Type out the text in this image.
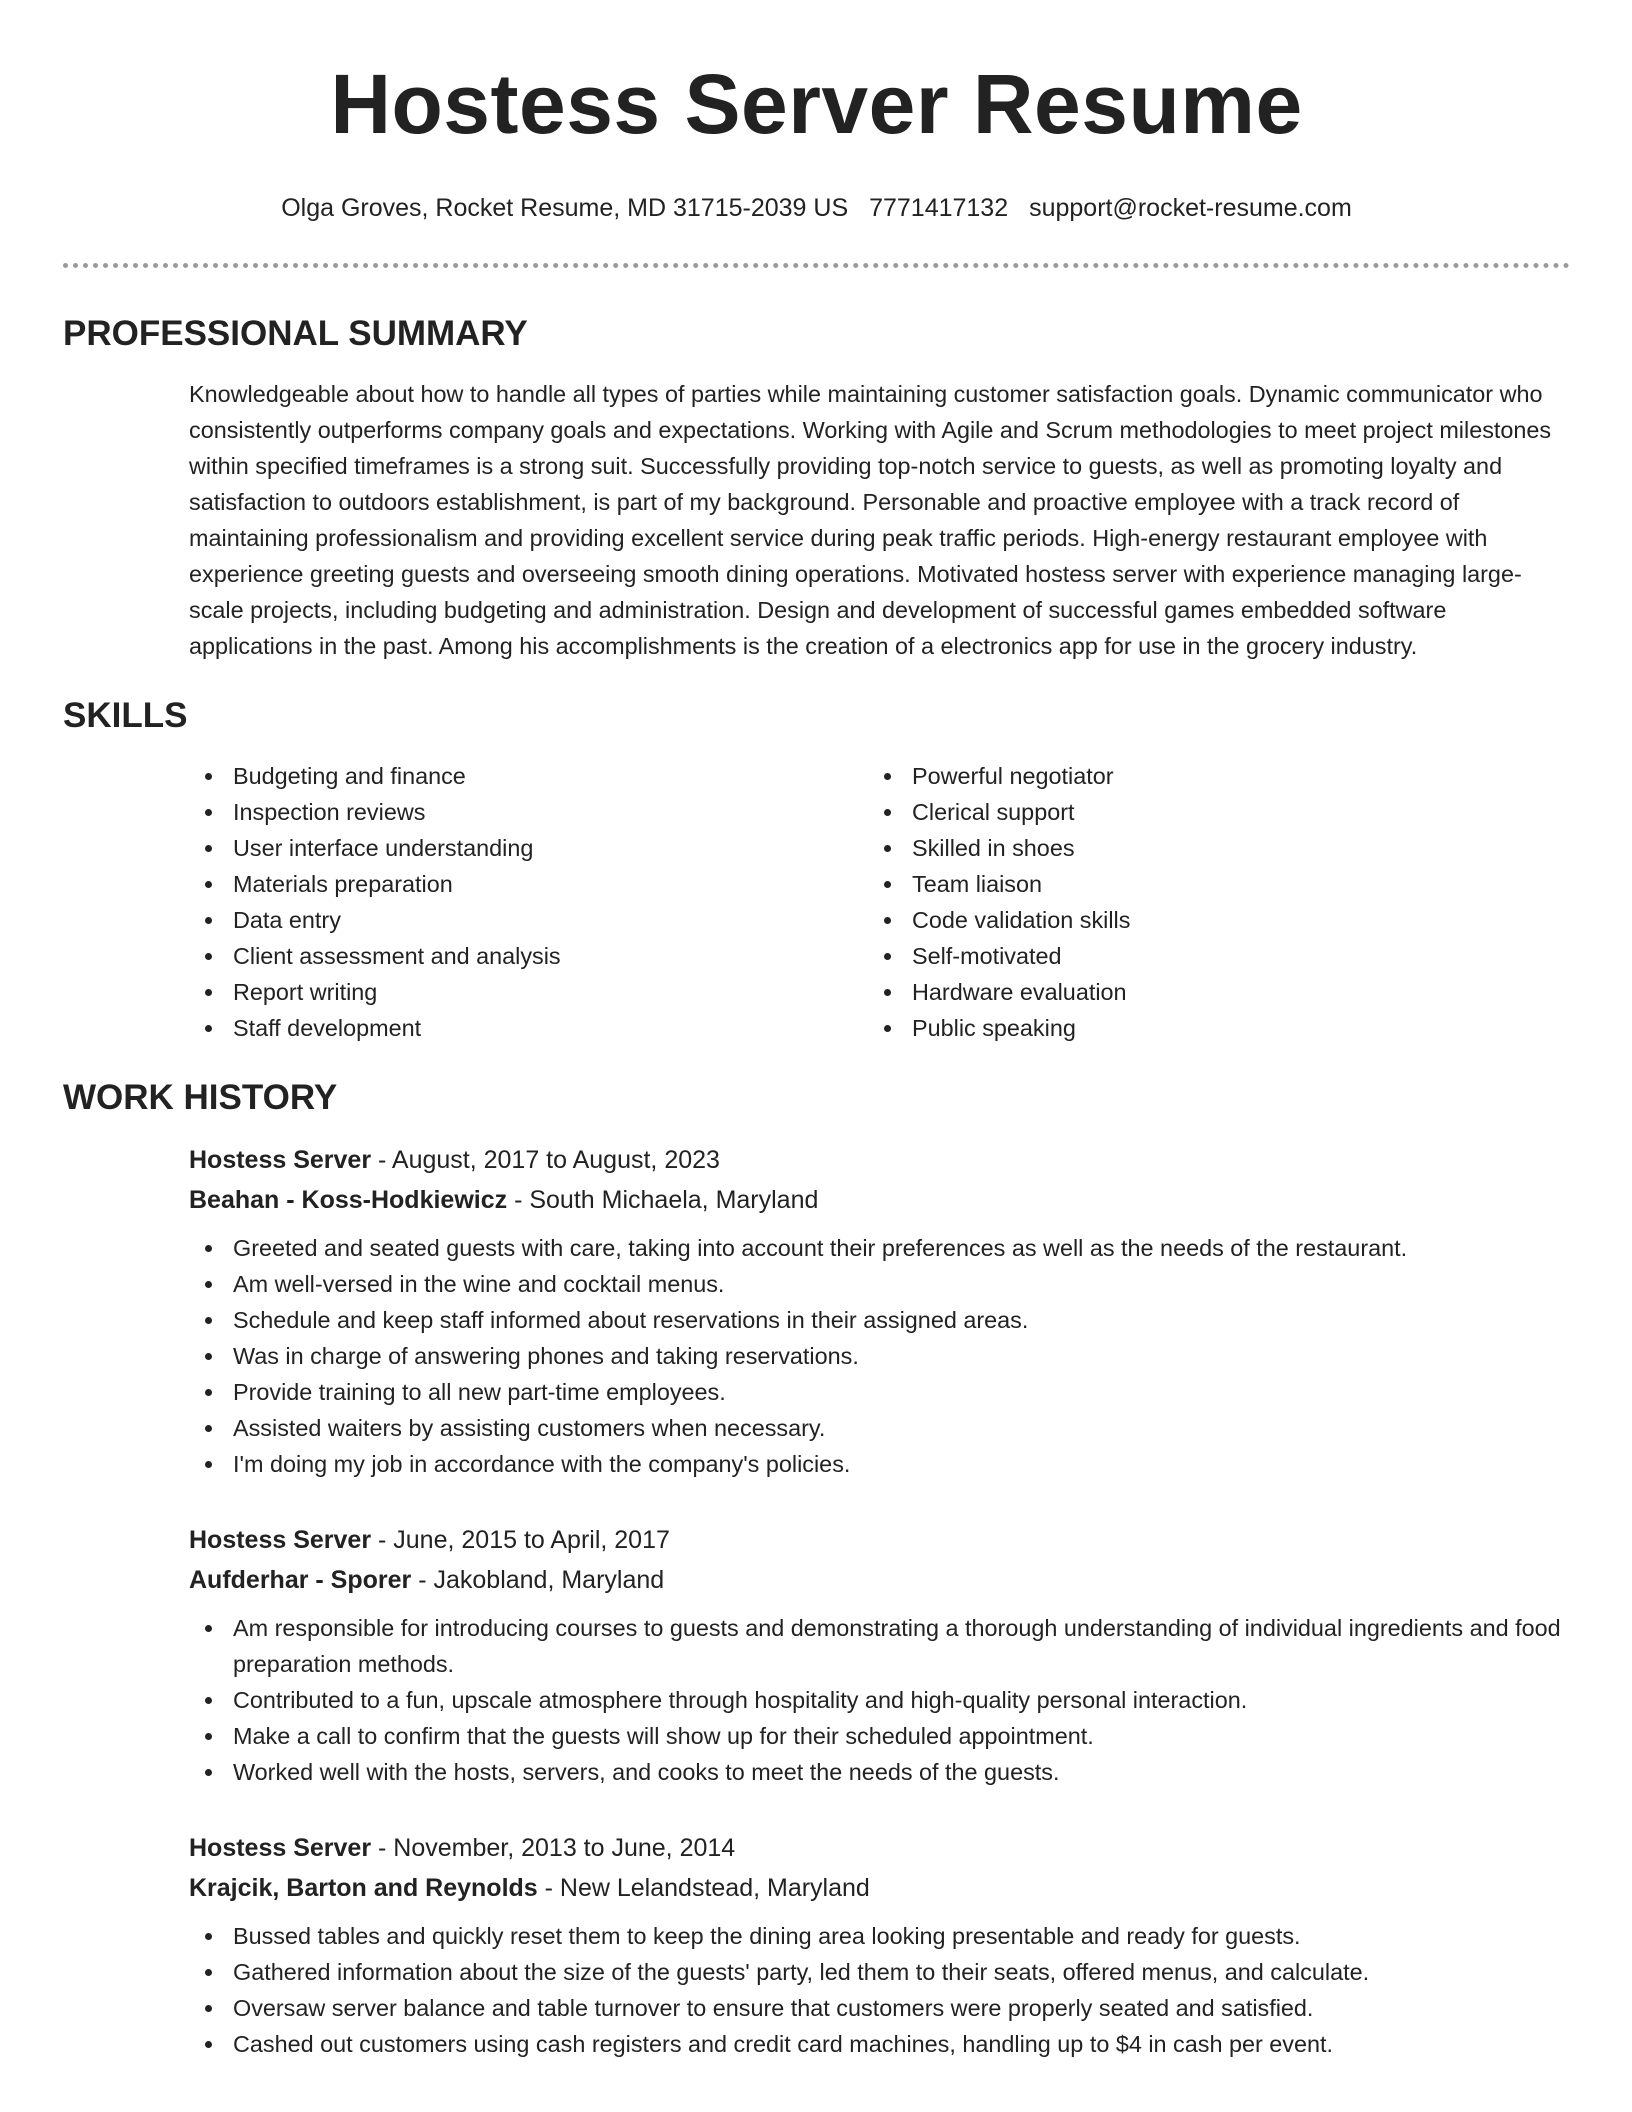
Hostess Server Resume
Olga Groves, Rocket Resume, MD 31715-2039 US 7771417132 support@rocket-resume.com
PROFESSIONAL SUMMARY

Knowledgeable about how to handle all types of parties while maintaining customer satisfaction goals. Dynamic communicator who consistently outperforms company goals and expectations. Working with Agile and Scrum methodologies to meet project milestones within specified timeframes is a strong suit. Successfully providing top-notch service to guests, as well as promoting loyalty and satisfaction to outdoors establishment, is part of my background. Personable and proactive employee with a track record of maintaining professionalism and providing excellent service during peak traffic periods. High-energy restaurant employee with experience greeting guests and overseeing smooth dining operations. Motivated hostess server with experience managing large-scale projects, including budgeting and administration. Design and development of successful games embedded software applications in the past. Among his accomplishments is the creation of a electronics app for use in the grocery industry.

SKILLS
Budgeting and finance
Inspection reviews
User interface understanding
Materials preparation
Data entry
Client assessment and analysis
Report writing
Staff development
Powerful negotiator
Clerical support
Skilled in shoes
Team liaison
Code validation skills
Self-motivated
Hardware evaluation
Public speaking
WORK HISTORY
Hostess Server - August, 2017 to August, 2023
Beahan - Koss-Hodkiewicz - South Michaela, Maryland
Greeted and seated guests with care, taking into account their preferences as well as the needs of the restaurant.
Am well-versed in the wine and cocktail menus.
Schedule and keep staff informed about reservations in their assigned areas.
Was in charge of answering phones and taking reservations.
Provide training to all new part-time employees.
Assisted waiters by assisting customers when necessary.
I'm doing my job in accordance with the company's policies.
Hostess Server - June, 2015 to April, 2017
Aufderhar - Sporer - Jakobland, Maryland
Am responsible for introducing courses to guests and demonstrating a thorough understanding of individual ingredients and food preparation methods.
Contributed to a fun, upscale atmosphere through hospitality and high-quality personal interaction.
Make a call to confirm that the guests will show up for their scheduled appointment.
Worked well with the hosts, servers, and cooks to meet the needs of the guests.
Hostess Server - November, 2013 to June, 2014
Krajcik, Barton and Reynolds - New Lelandstead, Maryland
Bussed tables and quickly reset them to keep the dining area looking presentable and ready for guests.
Gathered information about the size of the guests' party, led them to their seats, offered menus, and calculate.
Oversaw server balance and table turnover to ensure that customers were properly seated and satisfied.
Cashed out customers using cash registers and credit card machines, handling up to $4 in cash per event.
